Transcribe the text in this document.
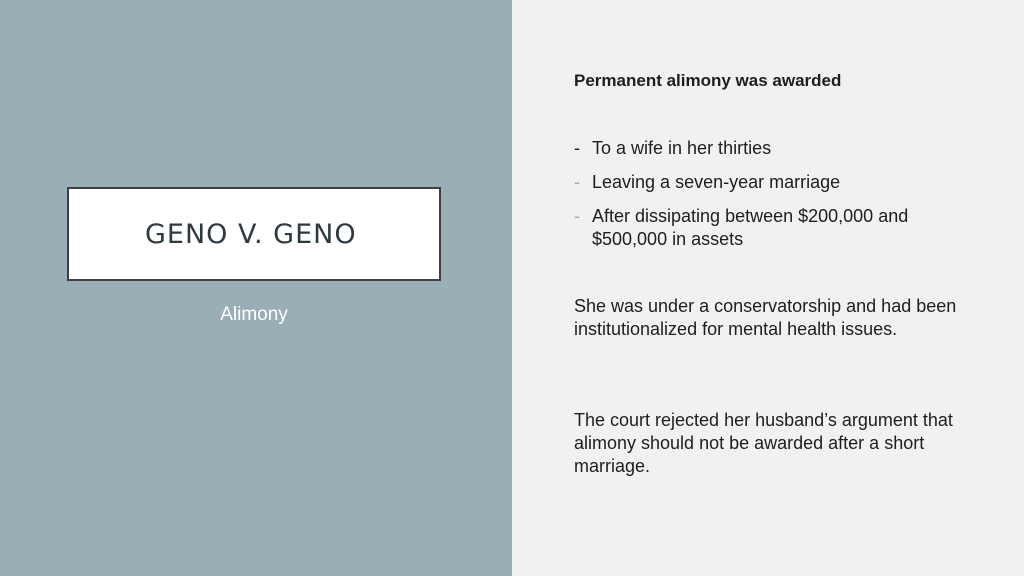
GENO V. GENO
Alimony
Permanent alimony was awarded
- To a wife in her thirties
- Leaving a seven-year marriage
- After dissipating between $200,000 and $500,000 in assets
She was under a conservatorship and had been institutionalized for mental health issues.
The court rejected her husband’s argument that alimony should not be awarded after a short marriage.
